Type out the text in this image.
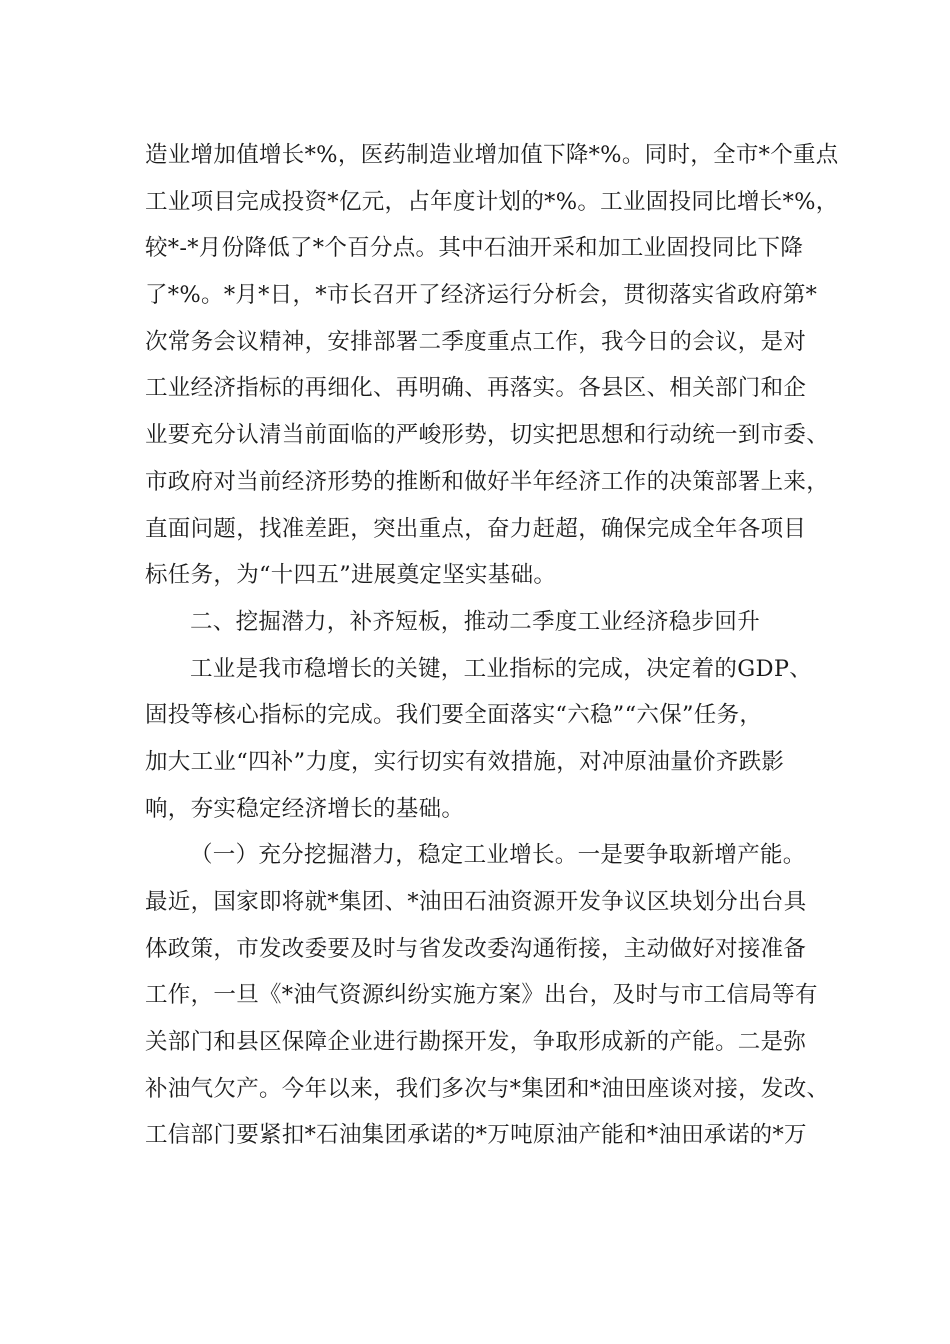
造业增加值增长*%，医药制造业增加值下降*%。同时，全市*个重点
工业项目完成投资*亿元，占年度计划的*%。工业固投同比增长*%，
较*-*月份降低了*个百分点。其中石油开采和加工业固投同比下降
了*%。*月*日，*市长召开了经济运行分析会，贯彻落实省政府第*
次常务会议精神，安排部署二季度重点工作，我今日的会议，是对
工业经济指标的再细化、再明确、再落实。各县区、相关部门和企
业要充分认清当前面临的严峻形势，切实把思想和行动统一到市委、
市政府对当前经济形势的推断和做好半年经济工作的决策部署上来，
直面问题，找准差距，突出重点，奋力赶超，确保完成全年各项目
标任务，为“十四五”进展奠定坚实基础。
二、挖掘潜力，补齐短板，推动二季度工业经济稳步回升
工业是我市稳增长的关键，工业指标的完成，决定着的GDP、
固投等核心指标的完成。我们要全面落实“六稳”“六保”任务，
加大工业“四补”力度，实行切实有效措施，对冲原油量价齐跌影
响，夯实稳定经济增长的基础。
（一）充分挖掘潜力，稳定工业增长。一是要争取新增产能。
最近，国家即将就*集团、*油田石油资源开发争议区块划分出台具
体政策，市发改委要及时与省发改委沟通衔接，主动做好对接准备
工作，一旦《*油气资源纠纷实施方案》出台，及时与市工信局等有
关部门和县区保障企业进行勘探开发，争取形成新的产能。二是弥
补油气欠产。今年以来，我们多次与*集团和*油田座谈对接，发改、
工信部门要紧扣*石油集团承诺的*万吨原油产能和*油田承诺的*万
